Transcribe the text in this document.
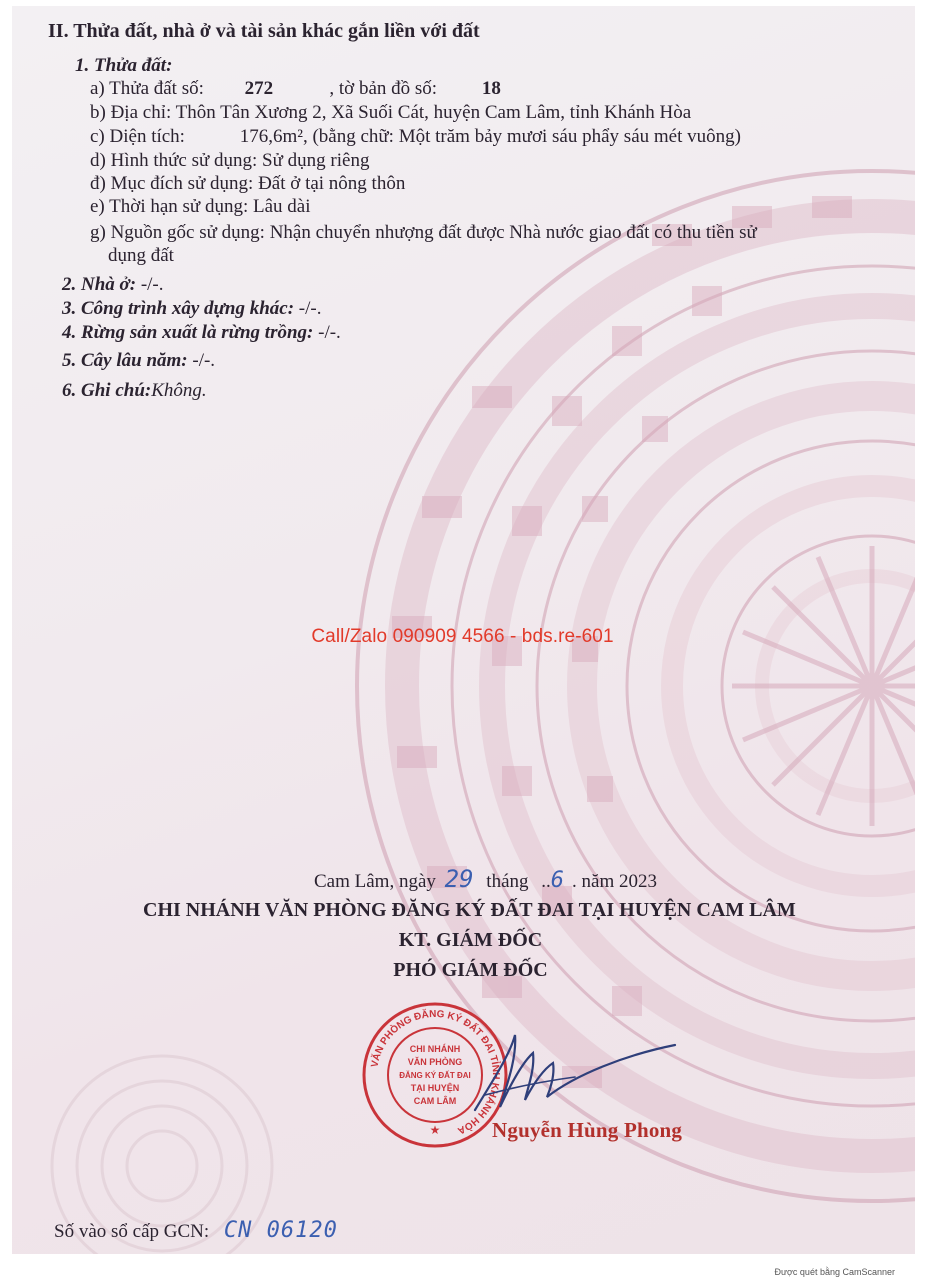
II. Thửa đất, nhà ở và tài sản khác gắn liền với đất
1. Thửa đất:
a) Thửa đất số: 272	, tờ bản đồ số: 18
b) Địa chỉ: Thôn Tân Xương 2, Xã Suối Cát, huyện Cam Lâm, tỉnh Khánh Hòa
c) Diện tích:	176,6m², (bằng chữ: Một trăm bảy mươi sáu phẩy sáu mét vuông)
d) Hình thức sử dụng: Sử dụng riêng
đ) Mục đích sử dụng: Đất ở tại nông thôn
e) Thời hạn sử dụng: Lâu dài
g) Nguồn gốc sử dụng: Nhận chuyển nhượng đất được Nhà nước giao đất có thu tiền sử
dụng đất
2. Nhà ở: -/-.
3. Công trình xây dựng khác: -/-.
4. Rừng sản xuất là rừng trồng: -/-.
5. Cây lâu năm: -/-.
6. Ghi chú:Không.
Cam Lâm, ngày 29 tháng ..6 . năm 2023
CHI NHÁNH VĂN PHÒNG ĐĂNG KÝ ĐẤT ĐAI TẠI HUYỆN CAM LÂM
KT. GIÁM ĐỐC
PHÓ GIÁM ĐỐC
Call/Zalo 090909 4566 - bds.re-601
VĂN PHÒNG ĐĂNG KÝ ĐẤT ĐAI TỈNH KHÁNH HÒA
CHI NHÁNH
VĂN PHÒNG
ĐĂNG KÝ ĐẤT ĐAI
TẠI HUYỆN
CAM LÂM
★ Nguyễn Hùng Phong
Số vào sổ cấp GCN: CN 06120
Được quét bằng CamScanner
